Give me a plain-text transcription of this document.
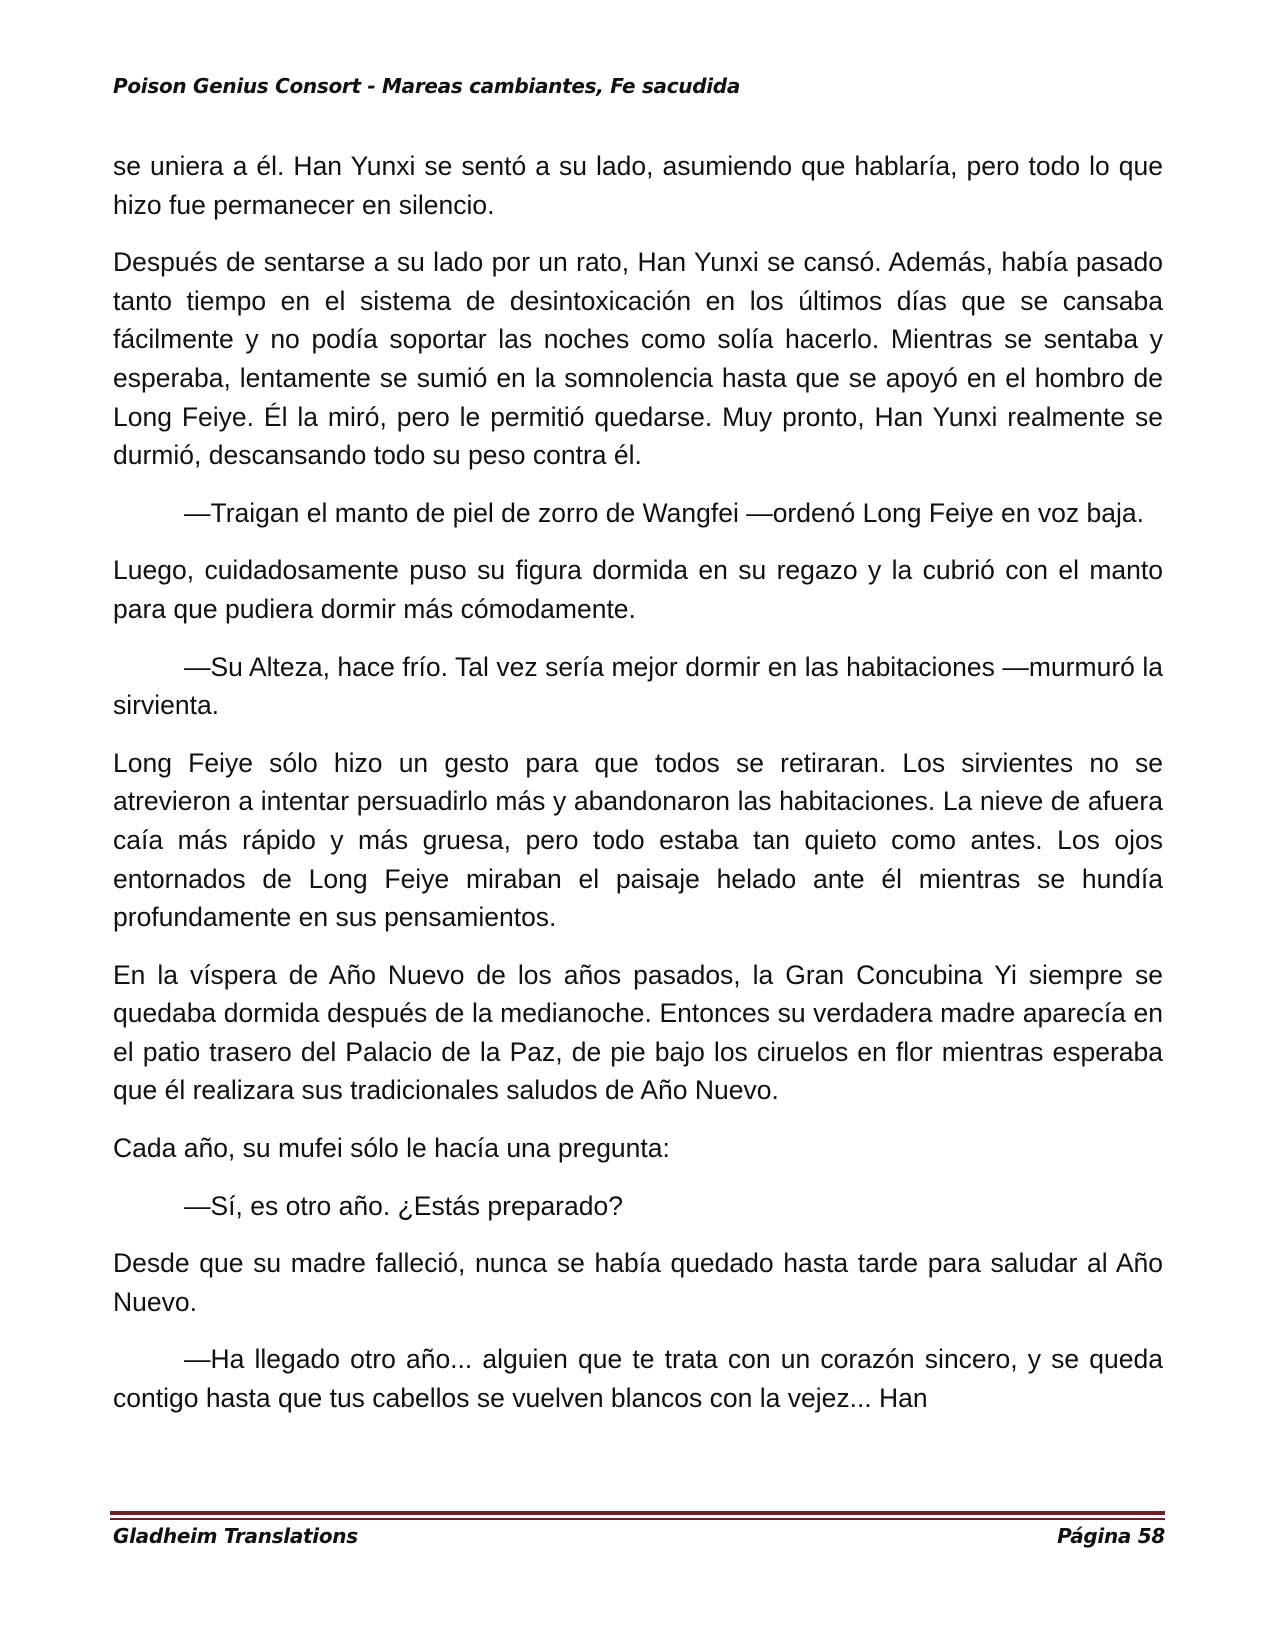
Poison Genius Consort - Mareas cambiantes, Fe sacudida

se uniera a él. Han Yunxi se sentó a su lado, asumiendo que hablaría, pero todo lo que hizo fue permanecer en silencio.

Después de sentarse a su lado por un rato, Han Yunxi se cansó. Además, había pasado tanto tiempo en el sistema de desintoxicación en los últimos días que se cansaba fácilmente y no podía soportar las noches como solía hacerlo. Mientras se sentaba y esperaba, lentamente se sumió en la somnolencia hasta que se apoyó en el hombro de Long Feiye. Él la miró, pero le permitió quedarse. Muy pronto, Han Yunxi realmente se durmió, descansando todo su peso contra él.

—Traigan el manto de piel de zorro de Wangfei —ordenó Long Feiye en voz baja.

Luego, cuidadosamente puso su figura dormida en su regazo y la cubrió con el manto para que pudiera dormir más cómodamente.

—Su Alteza, hace frío. Tal vez sería mejor dormir en las habitaciones —murmuró la sirvienta.

Long Feiye sólo hizo un gesto para que todos se retiraran. Los sirvientes no se atrevieron a intentar persuadirlo más y abandonaron las habitaciones. La nieve de afuera caía más rápido y más gruesa, pero todo estaba tan quieto como antes. Los ojos entornados de Long Feiye miraban el paisaje helado ante él mientras se hundía profundamente en sus pensamientos.

En la víspera de Año Nuevo de los años pasados, la Gran Concubina Yi siempre se quedaba dormida después de la medianoche. Entonces su verdadera madre aparecía en el patio trasero del Palacio de la Paz, de pie bajo los ciruelos en flor mientras esperaba que él realizara sus tradicionales saludos de Año Nuevo.

Cada año, su mufei sólo le hacía una pregunta:

—Sí, es otro año. ¿Estás preparado?

Desde que su madre falleció, nunca se había quedado hasta tarde para saludar al Año Nuevo.

—Ha llegado otro año... alguien que te trata con un corazón sincero, y se queda contigo hasta que tus cabellos se vuelven blancos con la vejez... Han

Gladheim Translations	Página 58
